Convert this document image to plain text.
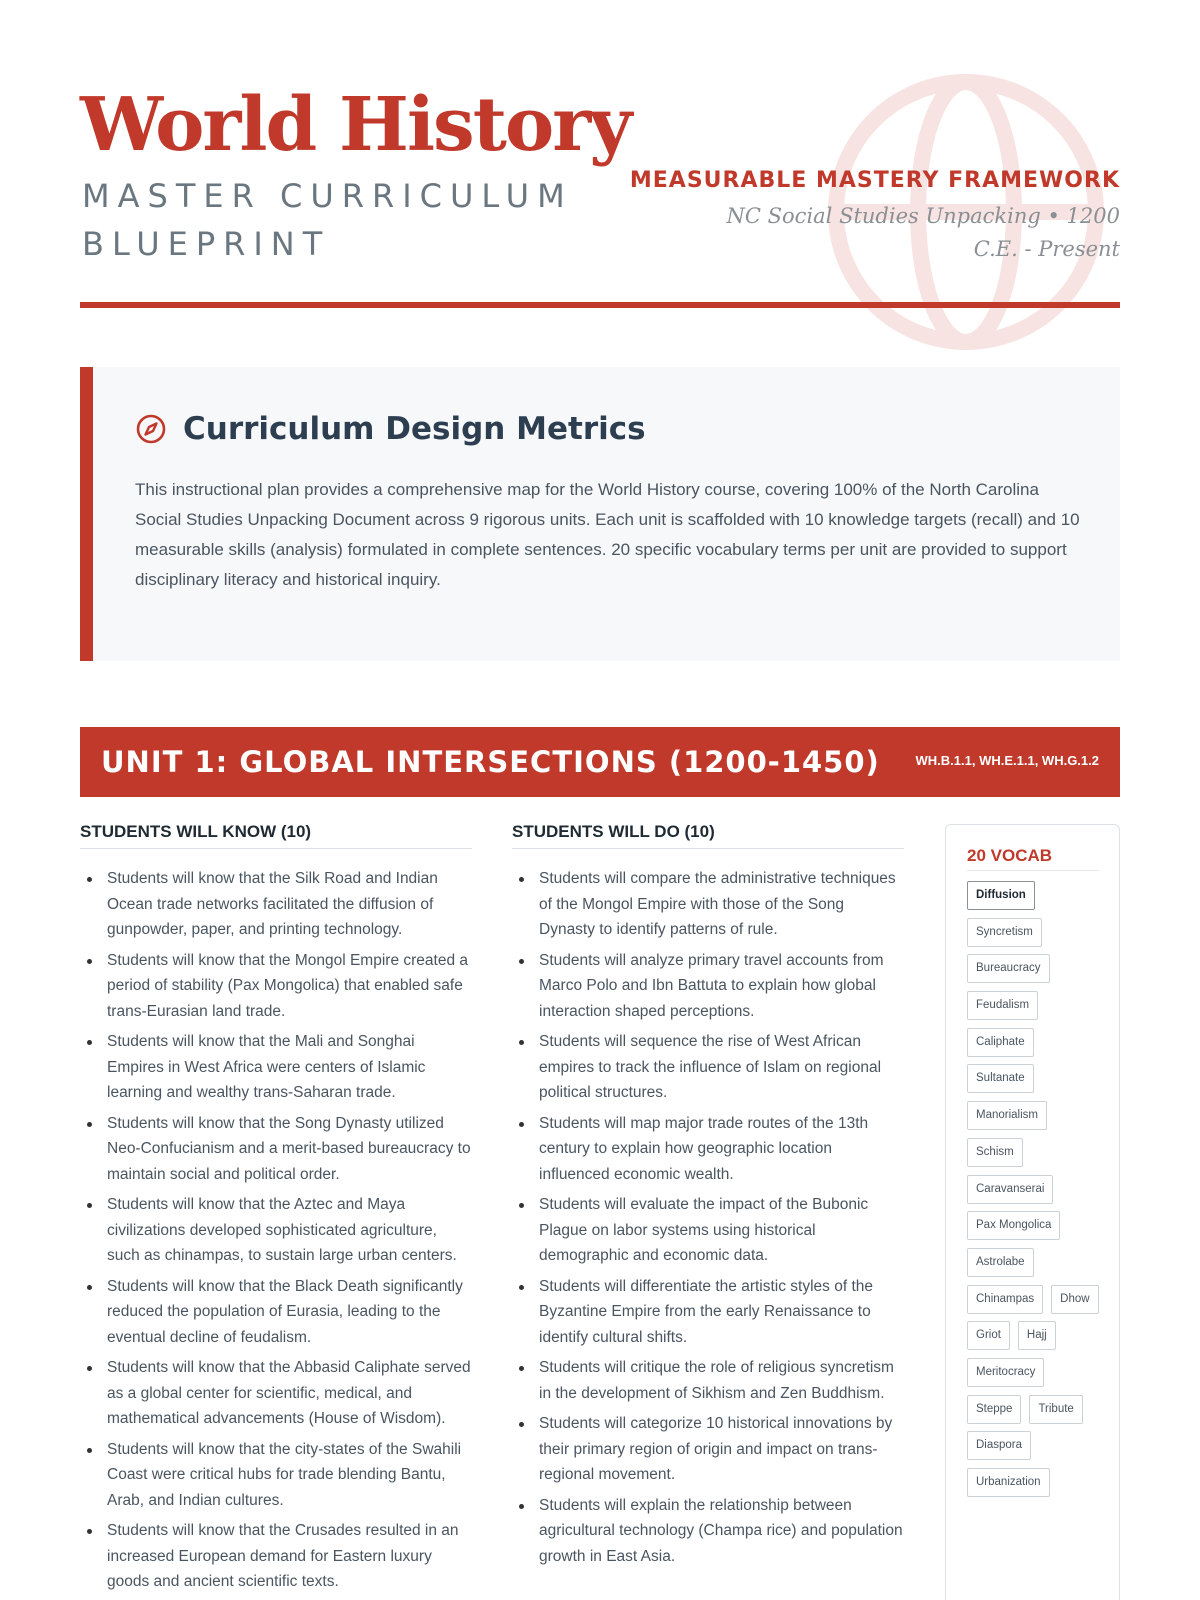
World History
MASTER CURRICULUM BLUEPRINT
MEASURABLE MASTERY FRAMEWORK
NC Social Studies Unpacking • 1200 C.E. - Present
Curriculum Design Metrics

This instructional plan provides a comprehensive map for the World History course, covering 100% of the North Carolina Social Studies Unpacking Document across 9 rigorous units. Each unit is scaffolded with 10 knowledge targets (recall) and 10 measurable skills (analysis) formulated in complete sentences. 20 specific vocabulary terms per unit are provided to support disciplinary literacy and historical inquiry.

UNIT 1: GLOBAL INTERSECTIONS (1200-1450)	WH.B.1.1, WH.E.1.1, WH.G.1.2
STUDENTS WILL KNOW (10)
Students will know that the Silk Road and Indian Ocean trade networks facilitated the diffusion of gunpowder, paper, and printing technology.
Students will know that the Mongol Empire created a period of stability (Pax Mongolica) that enabled safe trans-Eurasian land trade.
Students will know that the Mali and Songhai Empires in West Africa were centers of Islamic learning and wealthy trans-Saharan trade.
Students will know that the Song Dynasty utilized Neo-Confucianism and a merit-based bureaucracy to maintain social and political order.
Students will know that the Aztec and Maya civilizations developed sophisticated agriculture, such as chinampas, to sustain large urban centers.
Students will know that the Black Death significantly reduced the population of Eurasia, leading to the eventual decline of feudalism.
Students will know that the Abbasid Caliphate served as a global center for scientific, medical, and mathematical advancements (House of Wisdom).
Students will know that the city-states of the Swahili Coast were critical hubs for trade blending Bantu, Arab, and Indian cultures.
Students will know that the Crusades resulted in an increased European demand for Eastern luxury goods and ancient scientific texts.
STUDENTS WILL DO (10)
Students will compare the administrative techniques of the Mongol Empire with those of the Song Dynasty to identify patterns of rule.
Students will analyze primary travel accounts from Marco Polo and Ibn Battuta to explain how global interaction shaped perceptions.
Students will sequence the rise of West African empires to track the influence of Islam on regional political structures.
Students will map major trade routes of the 13th century to explain how geographic location influenced economic wealth.
Students will evaluate the impact of the Bubonic Plague on labor systems using historical demographic and economic data.
Students will differentiate the artistic styles of the Byzantine Empire from the early Renaissance to identify cultural shifts.
Students will critique the role of religious syncretism in the development of Sikhism and Zen Buddhism.
Students will categorize 10 historical innovations by their primary region of origin and impact on trans-regional movement.
Students will explain the relationship between agricultural technology (Champa rice) and population growth in East Asia.
20 VOCAB
Diffusion
Syncretism
Bureaucracy
Feudalism
Caliphate
Sultanate
Manorialism
Schism
Caravanserai
Pax Mongolica
Astrolabe
Chinampas	Dhow
Griot	Hajj
Meritocracy
Steppe	Tribute
Diaspora
Urbanization
